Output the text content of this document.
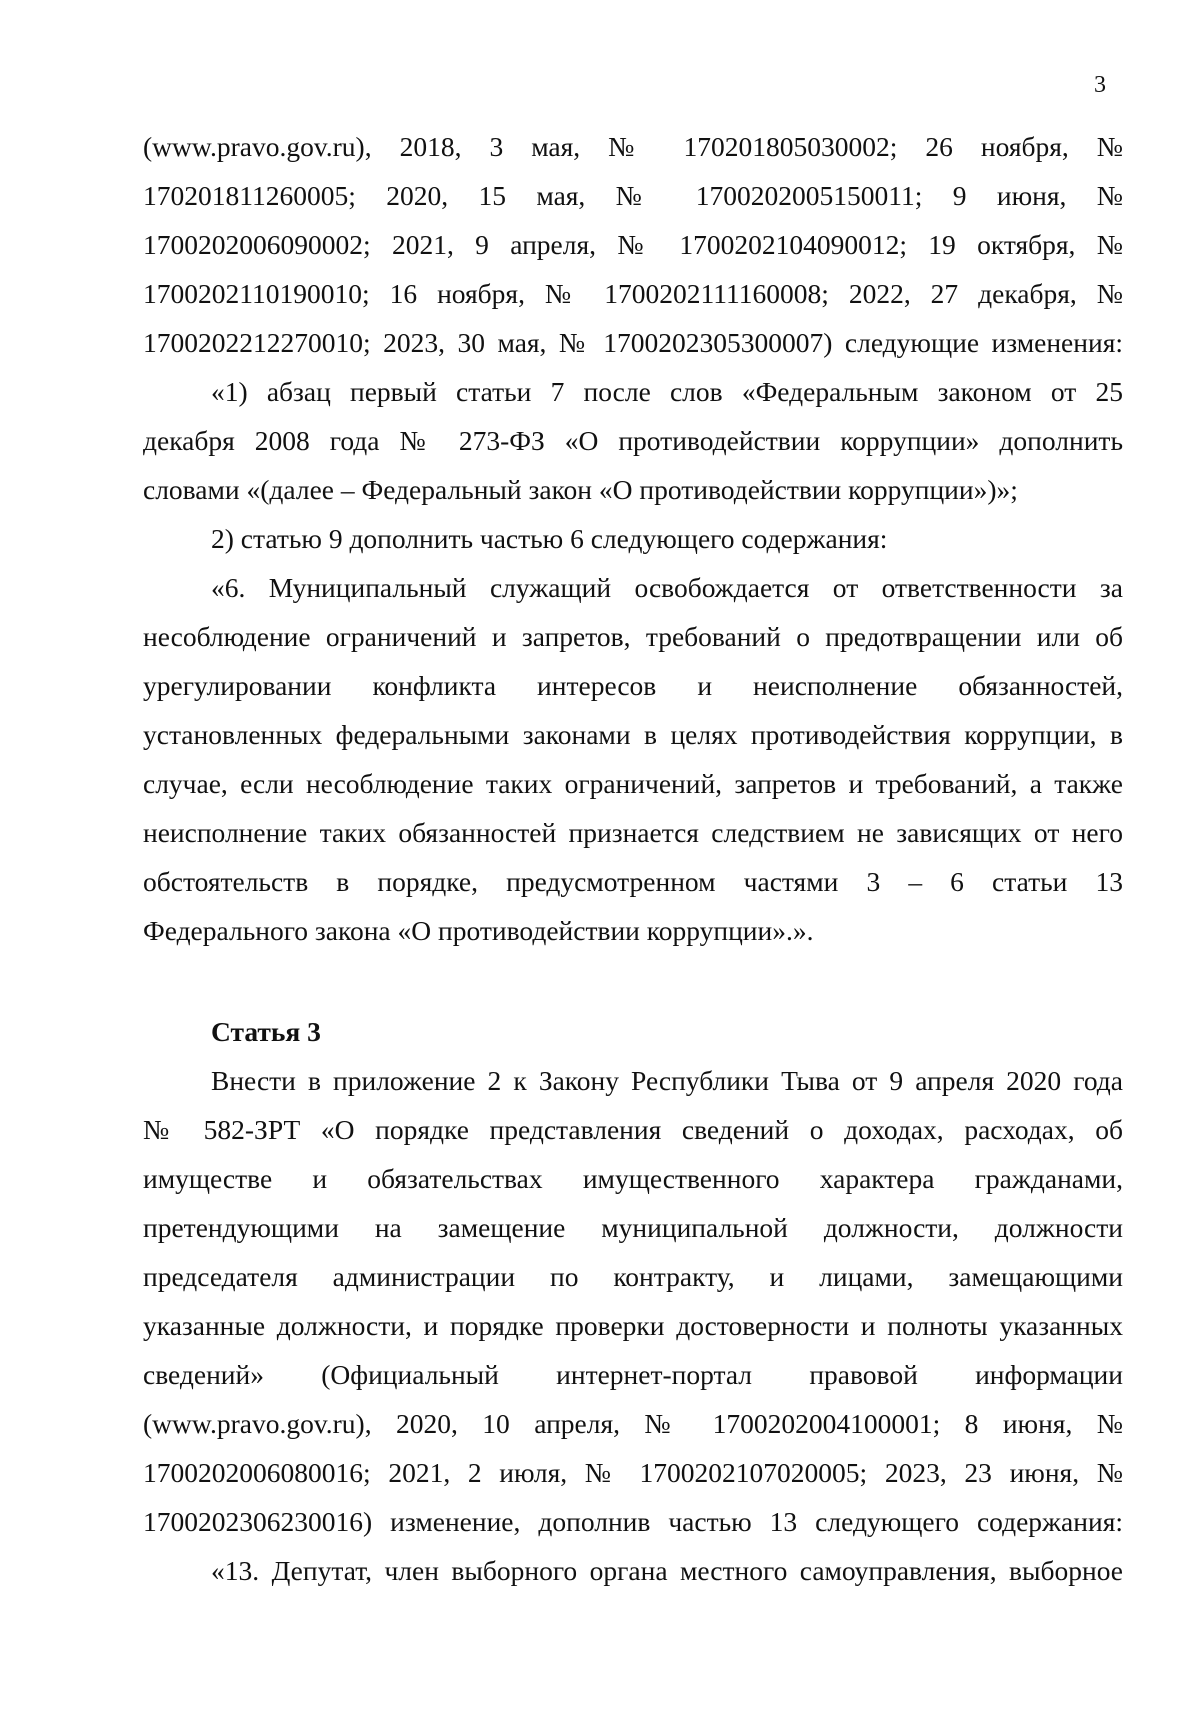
3
(www.pravo.gov.ru), 2018, 3 мая, № 170201805030002; 26 ноября, №
170201811260005; 2020, 15 мая, № 1700202005150011; 9 июня, №
1700202006090002; 2021, 9 апреля, № 1700202104090012; 19 октября, №
1700202110190010; 16 ноября, № 1700202111160008; 2022, 27 декабря, №
1700202212270010; 2023, 30 мая, № 1700202305300007) следующие изменения:
«1) абзац первый статьи 7 после слов «Федеральным законом от 25
декабря 2008 года № 273-ФЗ «О противодействии коррупции» дополнить
словами «(далее – Федеральный закон «О противодействии коррупции»)»;
2) статью 9 дополнить частью 6 следующего содержания:
«6. Муниципальный служащий освобождается от ответственности за
несоблюдение ограничений и запретов, требований о предотвращении или об
урегулировании конфликта интересов и неисполнение обязанностей,
установленных федеральными законами в целях противодействия коррупции, в
случае, если несоблюдение таких ограничений, запретов и требований, а также
неисполнение таких обязанностей признается следствием не зависящих от него
обстоятельств в порядке, предусмотренном частями 3 – 6 статьи 13
Федерального закона «О противодействии коррупции».».
Статья 3
Внести в приложение 2 к Закону Республики Тыва от 9 апреля 2020 года
№ 582-ЗРТ «О порядке представления сведений о доходах, расходах, об
имуществе и обязательствах имущественного характера гражданами,
претендующими на замещение муниципальной должности, должности
председателя администрации по контракту, и лицами, замещающими
указанные должности, и порядке проверки достоверности и полноты указанных
сведений» (Официальный интернет-портал правовой информации
(www.pravo.gov.ru), 2020, 10 апреля, № 1700202004100001; 8 июня, №
1700202006080016; 2021, 2 июля, № 1700202107020005; 2023, 23 июня, №
1700202306230016) изменение, дополнив частью 13 следующего содержания:
«13. Депутат, член выборного органа местного самоуправления, выборное
